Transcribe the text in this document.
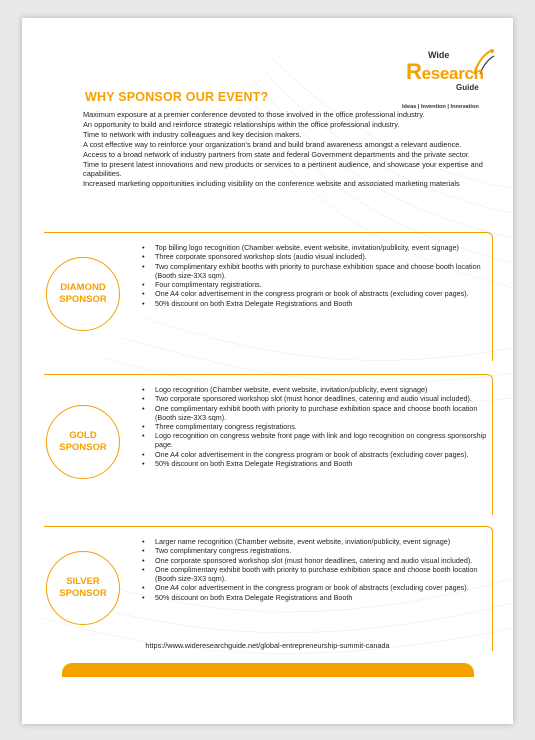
Wide
Research
Guide
Ideas | Invention | Innovation
WHY SPONSOR OUR EVENT?
Maximum exposure at a premier conference devoted to those involved in the office professional industry.
An opportunity to build and reinforce strategic relationships within the office professional industry.
Time to network with industry colleagues and key decision makers.
A cost effective way to reinforce your organization's brand and build brand awareness amongst a relevant audience.
Access to a broad network of industry partners from state and federal Government departments and the private sector.
Time to present latest innovations and new products or services to a pertinent audience, and showcase your expertise and capabilities.
Increased marketing opportunities including visibility on the conference website and associated marketing materials
DIAMOND
SPONSOR
• Top billing logo recognition (Chamber website, event website, invitation/publicity, event signage)
• Three corporate sponsored workshop slots (audio visual included).
• Two complimentary exhibit booths with priority to purchase exhibition space and choose booth location (Booth size-3X3 sqm).
• Four complimentary registrations.
• One A4 color advertisement in the congress program or book of abstracts (excluding cover pages).
• 50% discount on both Extra Delegate Registrations and Booth
GOLD
SPONSOR
• Logo recognition (Chamber website, event website, invitation/publicity, event signage)
• Two corporate sponsored workshop slot (must honor deadlines, catering and audio visual included).
• One complimentary exhibit booth with priority to purchase exhibition space and choose booth location (Booth size-3X3 sqm).
• Three complimentary congress registrations.
• Logo recognition on congress website front page with link and logo recognition on congress sponsorship page.
• One A4 color advertisement in the congress program or book of abstracts (excluding cover pages).
• 50% discount on both Extra Delegate Registrations and Booth
SILVER
SPONSOR
• Larger name recognition (Chamber website, event website, inviation/publicity, event signage)
• Two complimentary congress registrations.
• One corporate sponsored workshop slot (must honor deadlines, catering and audio visual included).
• One complimentary exhibit booth with priority to purchase exhibition space and choose booth location (Booth size-3X3 sqm).
• One A4 color advertisement in the congress program or book of abstracts (excluding cover pages).
• 50% discount on both Extra Delegate Registrations and Booth
https://www.wideresearchguide.net/global-entrepreneurship-summit-canada
